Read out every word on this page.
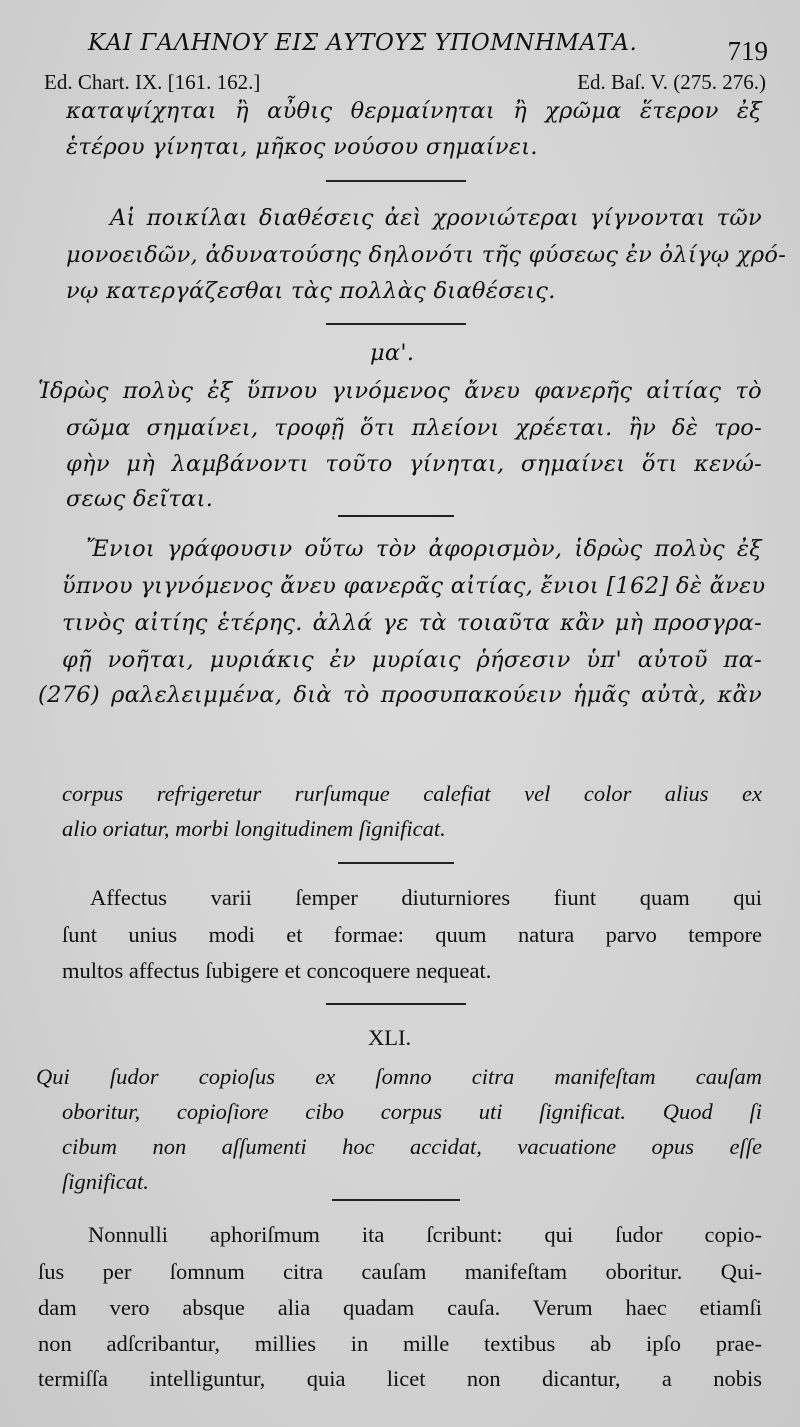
ΚΑΙ ΓΑΛΗΝΟΥ ΕΙΣ ΑΥΤΟΥΣ ΥΠΟΜΝΗΜΑΤΑ.	719
Ed. Chart. IX. [161. 162.]	Ed. Baſ. V. (275. 276.)
καταψίχηται ἢ αὖθις θερμαίνηται ἢ χρῶμα ἕτερον ἐξ
ἑτέρου γίνηται, μῆκος νούσου σημαίνει.
Αἱ ποικίλαι διαθέσεις ἀεὶ χρονιώτεραι γίγνονται τῶν
μονοειδῶν, ἀδυνατούσης δηλονότι τῆς φύσεως ἐν ὀλίγῳ χρό-
νῳ κατεργάζεσθαι τὰς πολλὰς διαθέσεις.
μα'.
Ἱδρὼς πολὺς ἐξ ὕπνου γινόμενος ἄνευ φανερῆς αἰτίας τὸ
σῶμα σημαίνει, τροφῇ ὅτι πλείονι χρέεται. ἢν δὲ τρο-
φὴν μὴ λαμβάνοντι τοῦτο γίνηται, σημαίνει ὅτι κενώ-
σεως δεῖται.
Ἔνιοι γράφουσιν οὕτω τὸν ἀφορισμὸν, ἱδρὼς πολὺς ἐξ
ὕπνου γιγνόμενος ἄνευ φανερᾶς αἰτίας, ἔνιοι [162] δὲ ἄνευ
τινὸς αἰτίης ἑτέρης. ἀλλά γε τὰ τοιαῦτα κἂν μὴ προσγρα-
φῇ νοῆται, μυριάκις ἐν μυρίαις ῥήσεσιν ὑπ' αὐτοῦ πα-
(276) ραλελειμμένα, διὰ τὸ προσυπακούειν ἡμᾶς αὐτὰ, κἂν
corpus refrigeretur rurſumque calefiat vel color alius ex
alio oriatur, morbi longitudinem ſignificat.
Affectus varii ſemper diuturniores fiunt quam qui
ſunt unius modi et formae: quum natura parvo tempore
multos affectus ſubigere et concoquere nequeat.
XLI.
Qui ſudor copioſus ex ſomno citra manifeſtam cauſam
oboritur, copioſiore cibo corpus uti ſignificat. Quod ſi
cibum non aſſumenti hoc accidat, vacuatione opus eſſe
ſignificat.
Nonnulli aphoriſmum ita ſcribunt: qui ſudor copio-
ſus per ſomnum citra cauſam manifeſtam oboritur. Qui-
dam vero absque alia quadam cauſa. Verum haec etiamſi
non adſcribantur, millies in mille textibus ab ipſo prae-
termiſſa intelliguntur, quia licet non dicantur, a nobis
